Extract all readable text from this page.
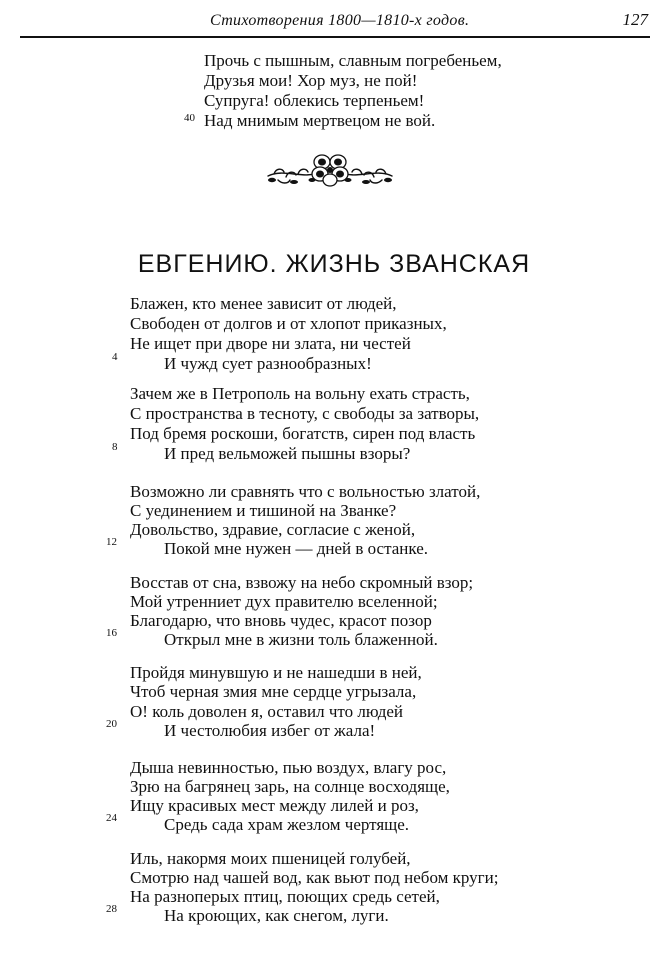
Стихотворения 1800—1810-х годов.	127
Прочь с пышным, славным погребеньем,
Друзья мои! Хор муз, не пой!
Супруга! облекись терпеньем!
40 Над мнимым мертвецом не вой.
ЕВГЕНИЮ. ЖИЗНЬ ЗВАНСКАЯ
Блажен, кто менее зависит от людей,
Свободен от долгов и от хлопот приказных,
Не ищет при дворе ни злата, ни честей
4	И чужд сует разнообразных!
Зачем же в Петрополь на вольну ехать страсть,
С пространства в тесноту, с свободы за затворы,
Под бремя роскоши, богатств, сирен под власть
8	И пред вельможей пышны взоры?
Возможно ли сравнять что с вольностью златой,
С уединением и тишиной на Званке?
Довольство, здравие, согласие с женой,
12	Покой мне нужен — дней в останке.
Восстав от сна, взвожу на небо скромный взор;
Мой утренниет дух правителю вселенной;
Благодарю, что вновь чудес, красот позор
16	Открыл мне в жизни толь блаженной.
Пройдя минувшую и не нашедши в ней,
Чтоб черная змия мне сердце угрызала,
О! коль доволен я, оставил что людей
20	И честолюбия избег от жала!
Дыша невинностью, пью воздух, влагу рос,
Зрю на багрянец зарь, на солнце восходяще,
Ищу красивых мест между лилей и роз,
24	Средь сада храм жезлом чертяще.
Иль, накормя моих пшеницей голубей,
Смотрю над чашей вод, как вьют под небом круги;
На разноперых птиц, поющих средь сетей,
28	На кроющих, как снегом, луги.
